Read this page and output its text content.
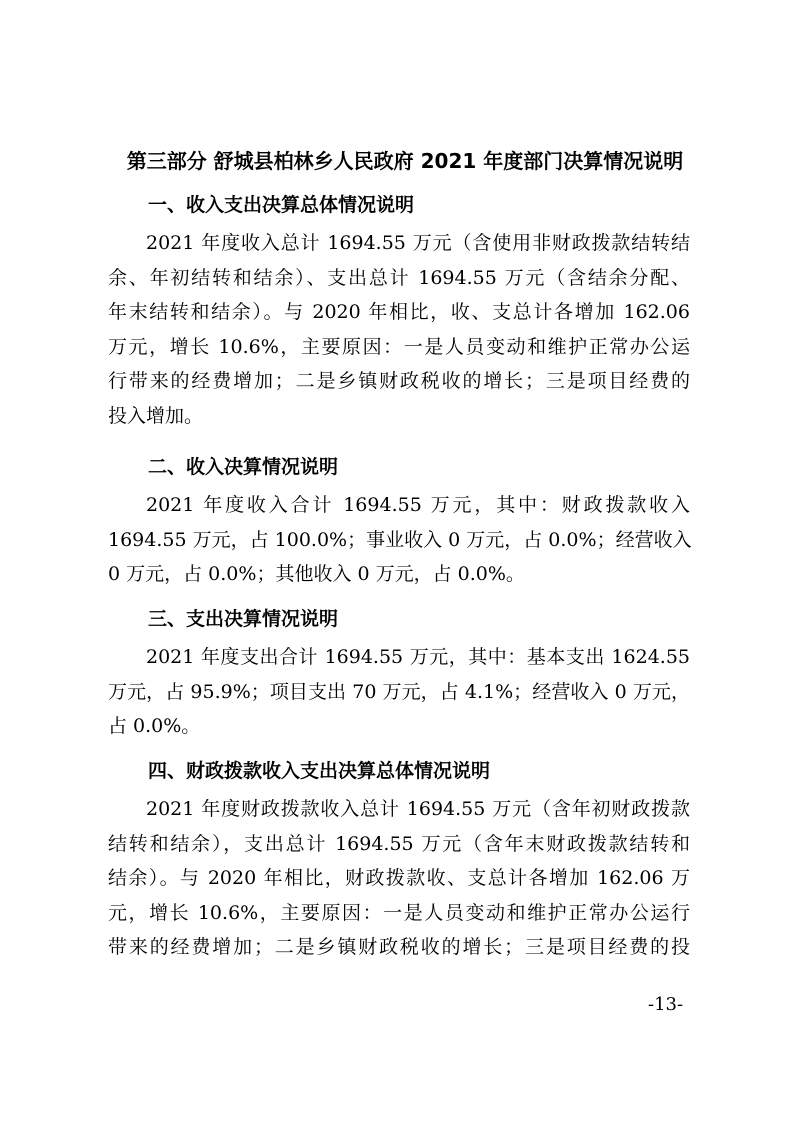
第三部分 舒城县柏林乡人民政府 2021 年度部门决算情况说明
一、收入支出决算总体情况说明
2021 年度收入总计 1694.55 万元（含使用非财政拨款结转结
余、年初结转和结余）、支出总计 1694.55 万元（含结余分配、
年末结转和结余）。与 2020 年相比，收、支总计各增加 162.06
万元，增长 10.6%，主要原因：一是人员变动和维护正常办公运
行带来的经费增加；二是乡镇财政税收的增长；三是项目经费的
投入增加。
二、收入决算情况说明
2021 年度收入合计 1694.55 万元，其中：财政拨款收入
1694.55 万元，占 100.0%；事业收入 0 万元，占 0.0%；经营收入
0 万元，占 0.0%；其他收入 0 万元，占 0.0%。
三、支出决算情况说明
2021 年度支出合计 1694.55 万元，其中：基本支出 1624.55
万元，占 95.9%；项目支出 70 万元，占 4.1%；经营收入 0 万元，
占 0.0%。
四、财政拨款收入支出决算总体情况说明
2021 年度财政拨款收入总计 1694.55 万元（含年初财政拨款
结转和结余），支出总计 1694.55 万元（含年末财政拨款结转和
结余）。与 2020 年相比，财政拨款收、支总计各增加 162.06 万
元，增长 10.6%，主要原因：一是人员变动和维护正常办公运行
带来的经费增加；二是乡镇财政税收的增长；三是项目经费的投
-13-
